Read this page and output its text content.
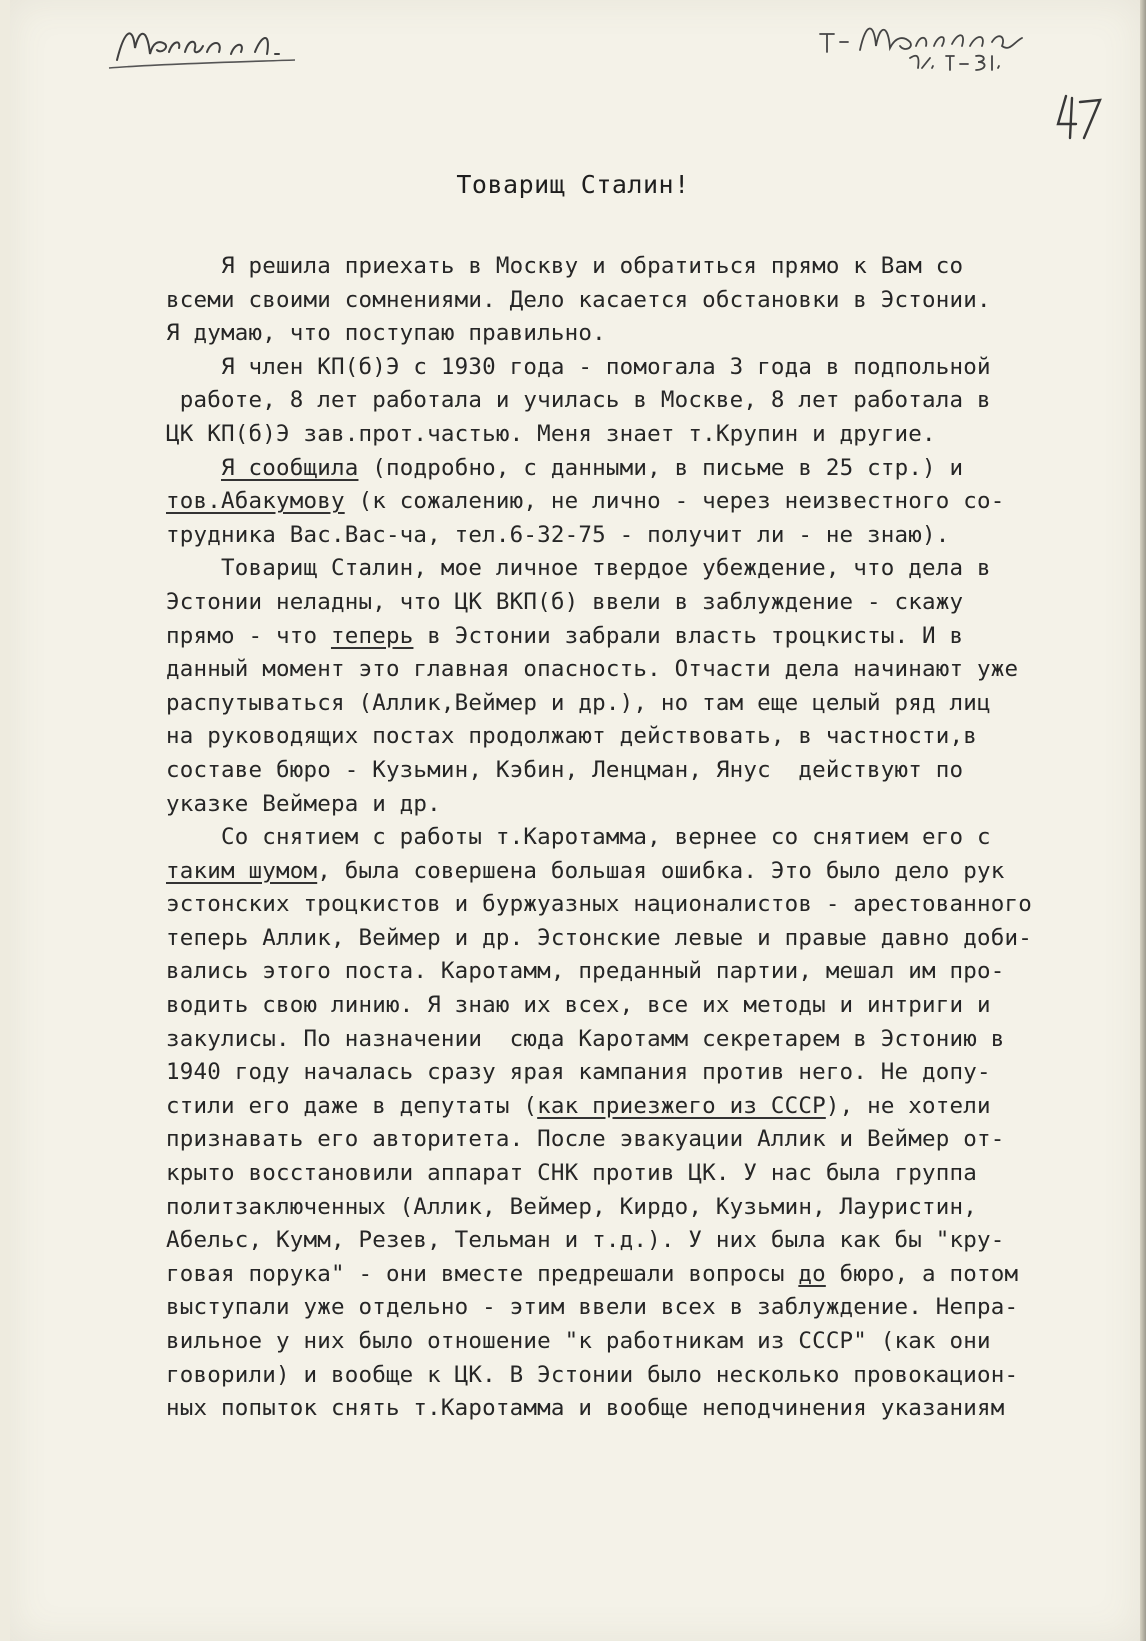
Товарищ Сталин!
Я решила приехать в Москву и обратиться прямо к Вам со
всеми своими сомнениями. Дело касается обстановки в Эстонии.
Я думаю, что поступаю правильно.
Я член КП(б)Э с 1930 года - помогала 3 года в подпольной
работе, 8 лет работала и училась в Москве, 8 лет работала в
ЦК КП(б)Э зав.прот.частью. Меня знает т.Крупин и другие.
Я сообщила (подробно, с данными, в письме в 25 стр.) и
тов.Абакумову (к сожалению, не лично - через неизвестного со-
трудника Вас.Вас-ча, тел.6-32-75 - получит ли - не знаю).
Товарищ Сталин, мое личное твердое убеждение, что дела в
Эстонии неладны, что ЦК ВКП(б) ввели в заблуждение - скажу
прямо - что теперь в Эстонии забрали власть троцкисты. И в
данный момент это главная опасность. Отчасти дела начинают уже
распутываться (Аллик,Веймер и др.), но там еще целый ряд лиц
на руководящих постах продолжают действовать, в частности,в
составе бюро - Кузьмин, Кэбин, Ленцман, Янус  действуют по
указке Веймера и др.
Со снятием с работы т.Каротамма, вернее со снятием его с
таким шумом, была совершена большая ошибка. Это было дело рук
эстонских троцкистов и буржуазных националистов - арестованного
теперь Аллик, Веймер и др. Эстонские левые и правые давно доби-
вались этого поста. Каротамм, преданный партии, мешал им про-
водить свою линию. Я знаю их всех, все их методы и интриги и
закулисы. По назначении  сюда Каротамм секретарем в Эстонию в
1940 году началась сразу ярая кампания против него. Не допу-
стили его даже в депутаты (как приезжего из СССР), не хотели
признавать его авторитета. После эвакуации Аллик и Веймер от-
крыто восстановили аппарат СНК против ЦК. У нас была группа
политзаключенных (Аллик, Веймер, Кирдо, Кузьмин, Лауристин,
Абельс, Кумм, Резев, Тельман и т.д.). У них была как бы "кру-
говая порука" - они вместе предрешали вопросы до бюро, а потом
выступали уже отдельно - этим ввели всех в заблуждение. Непра-
вильное у них было отношение "к работникам из СССР" (как они
говорили) и вообще к ЦК. В Эстонии было несколько провокацион-
ных попыток снять т.Каротамма и вообще неподчинения указаниям
